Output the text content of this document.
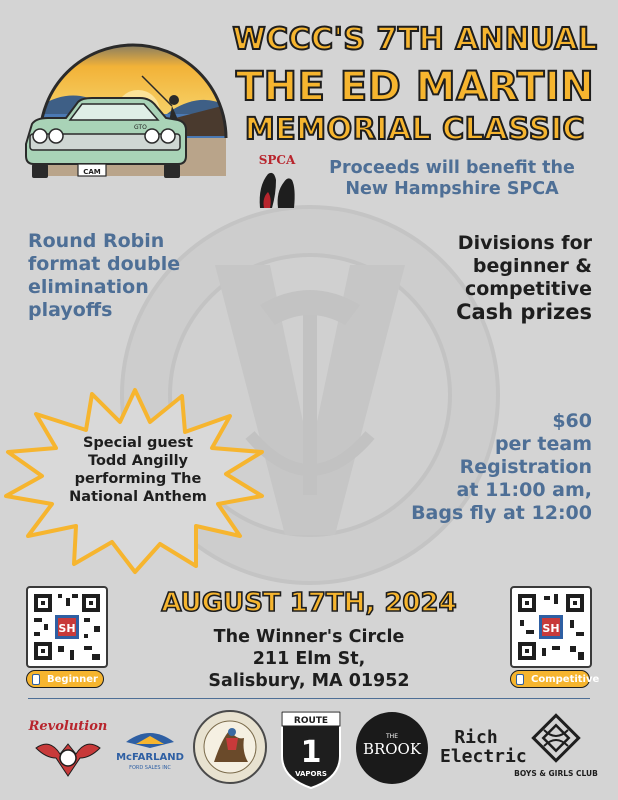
CAM
GTO
WCCC'S 7TH ANNUAL
THE ED MARTIN
MEMORIAL CLASSIC
SPCA	Proceeds will benefit the
New Hampshire SPCA
Round Robin
format double
elimination
playoffs
Divisions for
beginner &
competitive
Cash prizes
Special guest
Todd Angilly
performing The
National Anthem
$60
per team
Registration
at 11:00 am,
Bags fly at 12:00
SH
Beginner
SH
Competitive
AUGUST 17TH, 2024
The Winner's Circle
211 Elm St,
Salisbury, MA 01952
Revolution
McFARLAND
FORD SALES INC
ROUTE
1
VAPORS
THE
BROOK
Rich
Electric
BOYS & GIRLS CLUB
